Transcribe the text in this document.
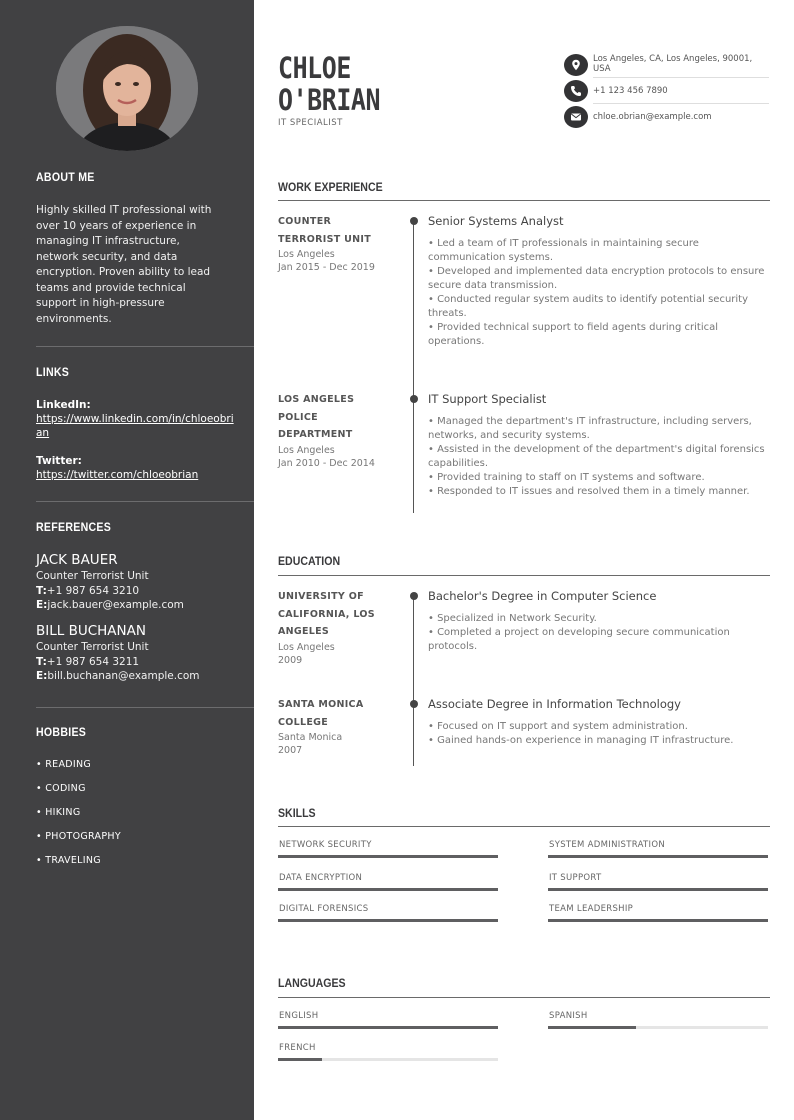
ABOUT ME

Highly skilled IT professional with over 10 years of experience in managing IT infrastructure, network security, and data encryption. Proven ability to lead teams and provide technical support in high-pressure environments.

LINKS
LinkedIn:
https://www.linkedin.com/in/chloeobrian
Twitter:
https://twitter.com/chloeobrian
REFERENCES
JACK BAUER
Counter Terrorist Unit
T:+1 987 654 3210
E:jack.bauer@example.com
BILL BUCHANAN
Counter Terrorist Unit
T:+1 987 654 3211
E:bill.buchanan@example.com
HOBBIES
• READING
• CODING
• HIKING
• PHOTOGRAPHY
• TRAVELING
CHLOE
O'BRIAN
IT SPECIALIST
Los Angeles, CA, Los Angeles, 90001, USA
+1 123 456 7890
chloe.obrian@example.com
WORK EXPERIENCE
COUNTER
TERRORIST UNIT
Los Angeles
Jan 2015 - Dec 2019
Senior Systems Analyst
• Led a team of IT professionals in maintaining secure communication systems.
• Developed and implemented data encryption protocols to ensure secure data transmission.
• Conducted regular system audits to identify potential security threats.
• Provided technical support to field agents during critical operations.
LOS ANGELES
POLICE
DEPARTMENT
Los Angeles
Jan 2010 - Dec 2014
IT Support Specialist
• Managed the department's IT infrastructure, including servers, networks, and security systems.
• Assisted in the development of the department's digital forensics capabilities.
• Provided training to staff on IT systems and software.
• Responded to IT issues and resolved them in a timely manner.
EDUCATION
UNIVERSITY OF
CALIFORNIA, LOS
ANGELES
Los Angeles
2009
Bachelor's Degree in Computer Science
• Specialized in Network Security.
• Completed a project on developing secure communication protocols.
SANTA MONICA
COLLEGE
Santa Monica
2007
Associate Degree in Information Technology
• Focused on IT support and system administration.
• Gained hands-on experience in managing IT infrastructure.
SKILLS
NETWORK SECURITY	SYSTEM ADMINISTRATION
DATA ENCRYPTION	IT SUPPORT
DIGITAL FORENSICS	TEAM LEADERSHIP
LANGUAGES
ENGLISH	SPANISH
FRENCH
